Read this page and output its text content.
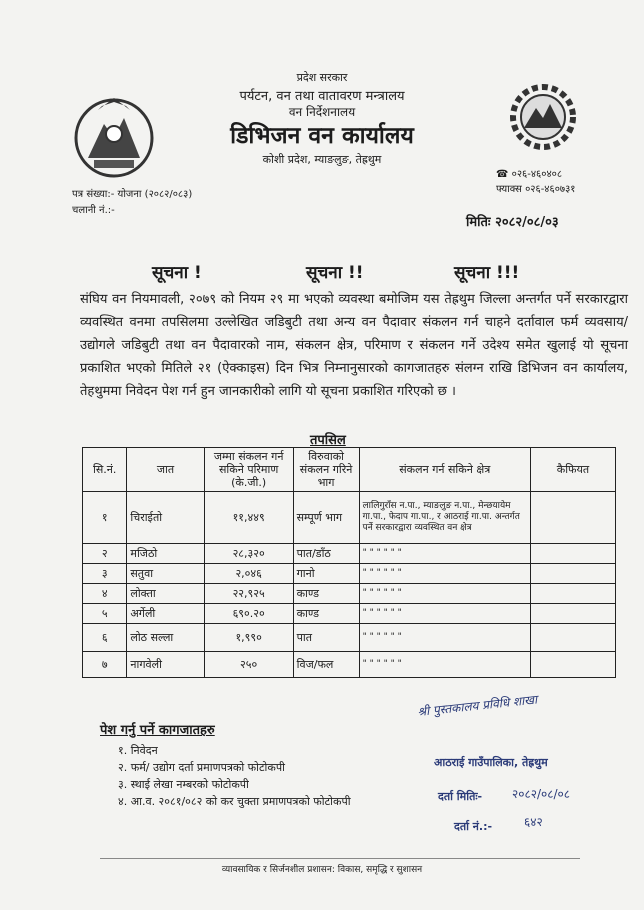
प्रदेश सरकार
पर्यटन, वन तथा वातावरण मन्त्रालय
वन निर्देशनालय
डिभिजन वन कार्यालय
कोशी प्रदेश, म्याङलुङ, तेह्रथुम
☎ ०२६-४६०४०८
फ्याक्स ०२६-४६०७३१
पत्र संख्या:- योजना (२०८२/०८३)
चलानी नं.:-
मितिः २०८२/०८/०३
सूचना !	सूचना !!	सूचना !!!
संघिय वन नियमावली, २०७९ को नियम २९ मा भएको व्यवस्था बमोजिम यस तेह्रथुम जिल्ला अन्तर्गत पर्ने सरकारद्वारा व्यवस्थित वनमा तपसिलमा उल्लेखित जडिबुटी तथा अन्य वन पैदावार संकलन गर्न चाहने दर्तावाल फर्म व्यवसाय/उद्योगले जडिबुटी तथा वन पैदावारको नाम, संकलन क्षेत्र, परिमाण र संकलन गर्ने उदेश्य समेत खुलाई यो सूचना प्रकाशित भएको मितिले २१ (ऐक्काइस) दिन भित्र निम्नानुसारको कागजातहरु संलग्न राखि डिभिजन वन कार्यालय, तेहथुममा निवेदन पेश गर्न हुन जानकारीको लागि यो सूचना प्रकाशित गरिएको छ ।
तपसिल
सि.नं.	जात	जम्मा संकलन गर्न सकिने परिमाण (के.जी.)	विरुवाको संकलन गरिने भाग	संकलन गर्न सकिने क्षेत्र	कैफियत
१	चिराईतो	११,४४९	सम्पूर्ण भाग	लालिगुराँस न.पा., म्याङलुङ न.पा., मेन्छयायेम गा.पा., फेदाप गा.पा., र आठराई गा.पा. अन्तर्गत पर्ने सरकारद्वारा व्यवस्थित वन क्षेत्र	
२	मजिठो	२८,३२०	पात/डाँठ	" " " " " "	
३	सतुवा	२,०४६	गानो	" " " " " "	
४	लोक्ता	२२,९२५	काण्ड	" " " " " "	
५	अर्गेली	६९०.२०	काण्ड	" " " " " "	
६	लोठ सल्ला	१,९९०	पात	" " " " " "	
७	नागवेली	२५०	विज/फल	" " " " " "	
पेश गर्नु पर्ने कागजातहरु
१. निवेदन
२. फर्म/ उद्योग दर्ता प्रमाणपत्रको फोटोकपी
३. स्थाई लेखा नम्बरको फोटोकपी
४. आ.व. २०८१/०८२ को कर चुक्ता प्रमाणपत्रको फोटोकपी
श्री पुस्तकालय प्रविधि शाखा
आठराई गाउँपालिका, तेह्रथुम
दर्ता मितिः- २०८२/०८/०८
दर्ता नं.:-	६४२
व्यावसायिक र सिर्जनशील प्रशासन: विकास, समृद्धि र सुशासन
